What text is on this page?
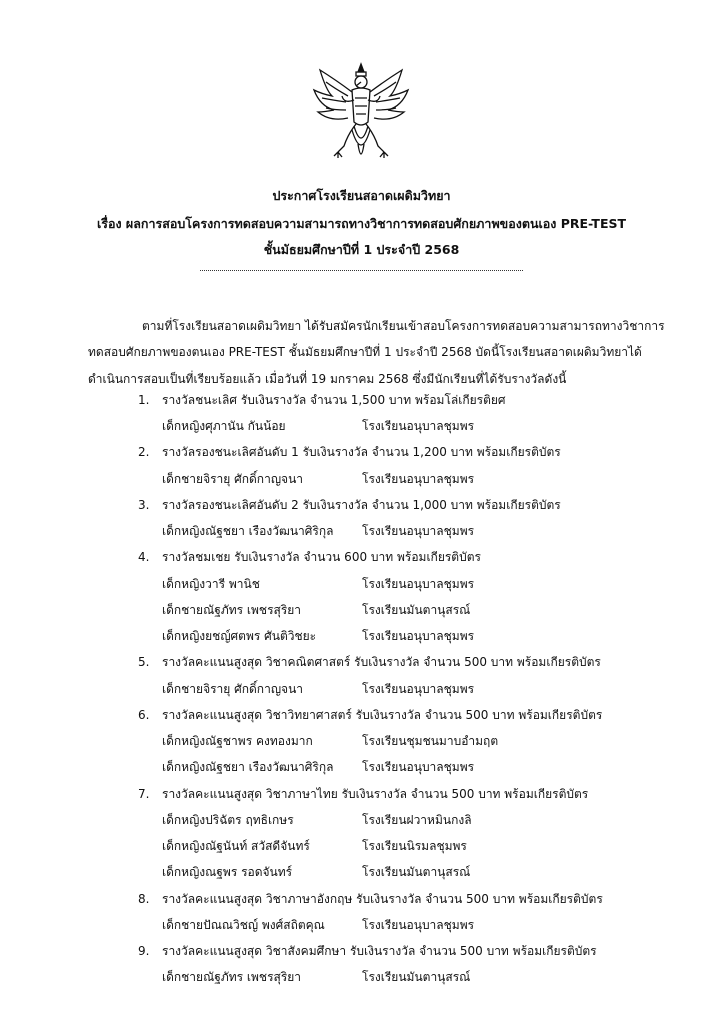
ประกาศโรงเรียนสอาดเผดิมวิทยา
เรื่อง ผลการสอบโครงการทดสอบความสามารถทางวิชาการทดสอบศักยภาพของตนเอง PRE-TEST
ชั้นมัธยมศึกษาปีที่ 1 ประจำปี 2568
ตามที่โรงเรียนสอาดเผดิมวิทยา ได้รับสมัครนักเรียนเข้าสอบโครงการทดสอบความสามารถทางวิชาการ
ทดสอบศักยภาพของตนเอง PRE-TEST ชั้นมัธยมศึกษาปีที่ 1 ประจำปี 2568 บัดนี้โรงเรียนสอาดเผดิมวิทยาได้
ดำเนินการสอบเป็นที่เรียบร้อยแล้ว เมื่อวันที่ 19 มกราคม 2568 ซึ่งมีนักเรียนที่ได้รับรางวัลดังนี้
1.	รางวัลชนะเลิศ รับเงินรางวัล จำนวน 1,500 บาท พร้อมโล่เกียรติยศ
เด็กหญิงศุภานัน กันน้อย	โรงเรียนอนุบาลชุมพร
2.	รางวัลรองชนะเลิศอันดับ 1 รับเงินรางวัล จำนวน 1,200 บาท พร้อมเกียรติบัตร
เด็กชายจิรายุ ศักดิ์กาญจนา	โรงเรียนอนุบาลชุมพร
3.	รางวัลรองชนะเลิศอันดับ 2 รับเงินรางวัล จำนวน 1,000 บาท พร้อมเกียรติบัตร
เด็กหญิงณัฐชยา เรืองวัฒนาศิริกุล โรงเรียนอนุบาลชุมพร
4.	รางวัลชมเชย รับเงินรางวัล จำนวน 600 บาท พร้อมเกียรติบัตร
เด็กหญิงวารี พานิช	โรงเรียนอนุบาลชุมพร
เด็กชายณัฐภัทร เพชรสุริยา	โรงเรียนมันตานุสรณ์
เด็กหญิงยชญ์ศตพร ศันติวิชยะ	โรงเรียนอนุบาลชุมพร
5.	รางวัลคะแนนสูงสุด วิชาคณิตศาสตร์ รับเงินรางวัล จำนวน 500 บาท พร้อมเกียรติบัตร
เด็กชายจิรายุ ศักดิ์กาญจนา	โรงเรียนอนุบาลชุมพร
6.	รางวัลคะแนนสูงสุด วิชาวิทยาศาสตร์ รับเงินรางวัล จำนวน 500 บาท พร้อมเกียรติบัตร
เด็กหญิงณัฐชาพร คงทองมาก	โรงเรียนชุมชนมาบอำมฤต
เด็กหญิงณัฐชยา เรืองวัฒนาศิริกุล โรงเรียนอนุบาลชุมพร
7.	รางวัลคะแนนสูงสุด วิชาภาษาไทย รับเงินรางวัล จำนวน 500 บาท พร้อมเกียรติบัตร
เด็กหญิงปริฉัตร ฤทธิเกษร	โรงเรียนฝวาหมินกงลิ
เด็กหญิงณัฐนันท์ สวัสดีจันทร์	โรงเรียนนิรมลชุมพร
เด็กหญิงณฐพร รอดจันทร์	โรงเรียนมันตานุสรณ์
8.	รางวัลคะแนนสูงสุด วิชาภาษาอังกฤษ รับเงินรางวัล จำนวน 500 บาท พร้อมเกียรติบัตร
เด็กชายปัณณวิชญ์ พงศ์สถิตคุณ	โรงเรียนอนุบาลชุมพร
9.	รางวัลคะแนนสูงสุด วิชาสังคมศึกษา รับเงินรางวัล จำนวน 500 บาท พร้อมเกียรติบัตร
เด็กชายณัฐภัทร เพชรสุริยา	โรงเรียนมันตานุสรณ์
